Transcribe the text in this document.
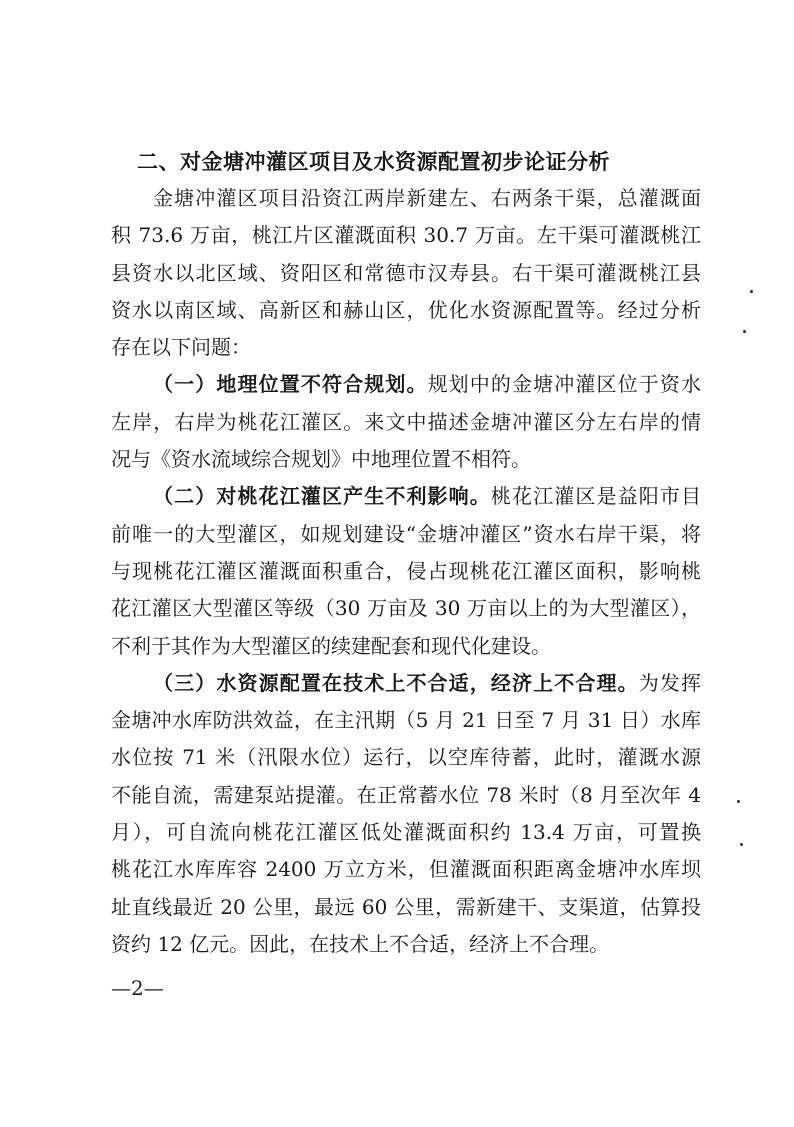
二、对金塘冲灌区项目及水资源配置初步论证分析
金塘冲灌区项目沿资江两岸新建左、右两条干渠，总灌溉面
积 73.6 万亩，桃江片区灌溉面积 30.7 万亩。左干渠可灌溉桃江
县资水以北区域、资阳区和常德市汉寿县。右干渠可灌溉桃江县
资水以南区域、高新区和赫山区，优化水资源配置等。经过分析
存在以下问题：
（一）地理位置不符合规划。规划中的金塘冲灌区位于资水
左岸，右岸为桃花江灌区。来文中描述金塘冲灌区分左右岸的情
况与《资水流域综合规划》中地理位置不相符。
（二）对桃花江灌区产生不利影响。桃花江灌区是益阳市目
前唯一的大型灌区，如规划建设“金塘冲灌区”资水右岸干渠，将
与现桃花江灌区灌溉面积重合，侵占现桃花江灌区面积，影响桃
花江灌区大型灌区等级（30 万亩及 30 万亩以上的为大型灌区），
不利于其作为大型灌区的续建配套和现代化建设。
（三）水资源配置在技术上不合适，经济上不合理。为发挥
金塘冲水库防洪效益，在主汛期（5 月 21 日至 7 月 31 日）水库
水位按 71 米（汛限水位）运行，以空库待蓄，此时，灌溉水源
不能自流，需建泵站提灌。在正常蓄水位 78 米时（8 月至次年 4
月），可自流向桃花江灌区低处灌溉面积约 13.4 万亩，可置换
桃花江水库库容 2400 万立方米，但灌溉面积距离金塘冲水库坝
址直线最近 20 公里，最远 60 公里，需新建干、支渠道，估算投
资约 12 亿元。因此，在技术上不合适，经济上不合理。
—2—
